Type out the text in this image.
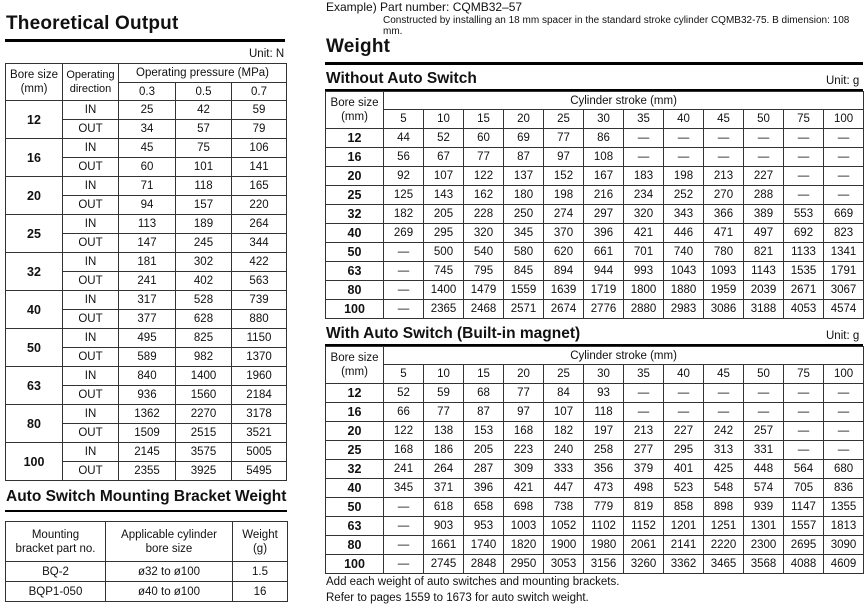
Theoretical Output
Unit: N
Bore size
(mm)	Operating
direction	Operating pressure (MPa)		
		0.3	0.5	0.7
12	IN	25	42	59
	OUT	34	57	79
16	IN	45	75	106
	OUT	60	101	141
20	IN	71	118	165
	OUT	94	157	220
25	IN	113	189	264
	OUT	147	245	344
32	IN	181	302	422
	OUT	241	402	563
40	IN	317	528	739
	OUT	377	628	880
50	IN	495	825	1150
	OUT	589	982	1370
63	IN	840	1400	1960
	OUT	936	1560	2184
80	IN	1362	2270	3178
	OUT	1509	2515	3521
100	IN	2145	3575	5005
	OUT	2355	3925	5495
Auto Switch Mounting Bracket Weight
Mounting
bracket part no.	Applicable cylinder
bore size	Weight
(g)
BQ-2	ø32 to ø100	1.5
BQP1-050	ø40 to ø100	16
Example) Part number: CQMB32–57
Constructed by installing an 18 mm spacer in the standard stroke cylinder CQMB32-75. B dimension: 108 mm.
Weight
Without Auto Switch	Unit: g
Bore size
(mm)	Cylinder stroke (mm)											
	5	10	15	20	25	30	35	40	45	50	75	100
12	44	52	60	69	77	86	—	—	—	—	—	—
16	56	67	77	87	97	108	—	—	—	—	—	—
20	92	107	122	137	152	167	183	198	213	227	—	—
25	125	143	162	180	198	216	234	252	270	288	—	—
32	182	205	228	250	274	297	320	343	366	389	553	669
40	269	295	320	345	370	396	421	446	471	497	692	823
50	—	500	540	580	620	661	701	740	780	821	1133	1341
63	—	745	795	845	894	944	993	1043	1093	1143	1535	1791
80	—	1400	1479	1559	1639	1719	1800	1880	1959	2039	2671	3067
100	—	2365	2468	2571	2674	2776	2880	2983	3086	3188	4053	4574
With Auto Switch (Built-in magnet)	Unit: g
Bore size
(mm)	Cylinder stroke (mm)											
	5	10	15	20	25	30	35	40	45	50	75	100
12	52	59	68	77	84	93	—	—	—	—	—	—
16	66	77	87	97	107	118	—	—	—	—	—	—
20	122	138	153	168	182	197	213	227	242	257	—	—
25	168	186	205	223	240	258	277	295	313	331	—	—
32	241	264	287	309	333	356	379	401	425	448	564	680
40	345	371	396	421	447	473	498	523	548	574	705	836
50	—	618	658	698	738	779	819	858	898	939	1147	1355
63	—	903	953	1003	1052	1102	1152	1201	1251	1301	1557	1813
80	—	1661	1740	1820	1900	1980	2061	2141	2220	2300	2695	3090
100	—	2745	2848	2950	3053	3156	3260	3362	3465	3568	4088	4609
Add each weight of auto switches and mounting brackets.
Refer to pages 1559 to 1673 for auto switch weight.
